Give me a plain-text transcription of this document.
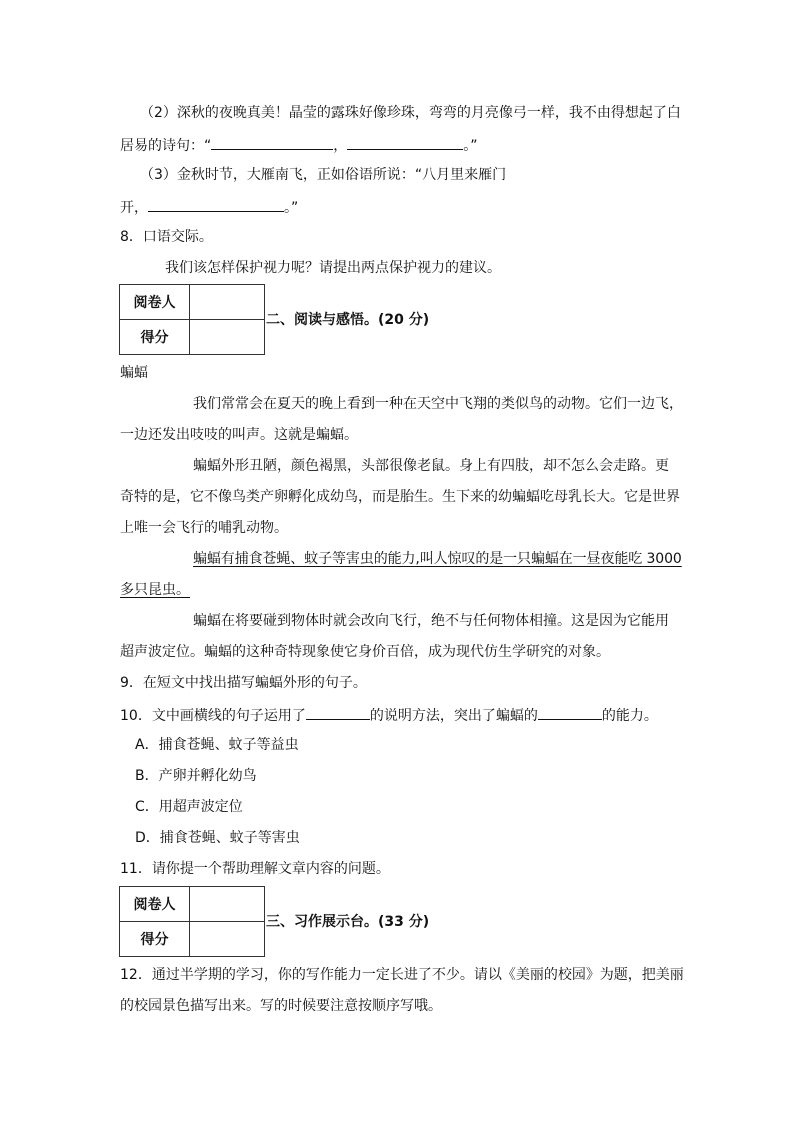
（2）深秋的夜晚真美！晶莹的露珠好像珍珠，弯弯的月亮像弓一样，我不由得想起了白
居易的诗句：“	，	。”
（3）金秋时节，大雁南飞，正如俗语所说：“八月里来雁门
开，	。”
8．口语交际。
我们该怎样保护视力呢？请提出两点保护视力的建议。
阅卷人	
得分	
二、阅读与感悟。(20 分)
蝙蝠
我们常常会在夏天的晚上看到一种在天空中飞翔的类似鸟的动物。它们一边飞，
一边还发出吱吱的叫声。这就是蝙蝠。
蝙蝠外形丑陋，颜色褐黑，头部很像老鼠。身上有四肢，却不怎么会走路。更
奇特的是，它不像鸟类产卵孵化成幼鸟，而是胎生。生下来的幼蝙蝠吃母乳长大。它是世界
上唯一会飞行的哺乳动物。
蝙蝠有捕食苍蝇、蚊子等害虫的能力,叫人惊叹的是一只蝙蝠在一昼夜能吃 3000
多只昆虫。
蝙蝠在将要碰到物体时就会改向飞行，绝不与任何物体相撞。这是因为它能用
超声波定位。蝙蝠的这种奇特现象使它身价百倍，成为现代仿生学研究的对象。
9．在短文中找出描写蝙蝠外形的句子。
10．文中画横线的句子运用了	的说明方法，突出了蝙蝠的	的能力。
A．捕食苍蝇、蚊子等益虫
B．产卵并孵化幼鸟
C．用超声波定位
D．捕食苍蝇、蚊子等害虫
11．请你提一个帮助理解文章内容的问题。
阅卷人	
得分	
三、习作展示台。(33 分)
12．通过半学期的学习，你的写作能力一定长进了不少。请以《美丽的校园》为题，把美丽
的校园景色描写出来。写的时候要注意按顺序写哦。
